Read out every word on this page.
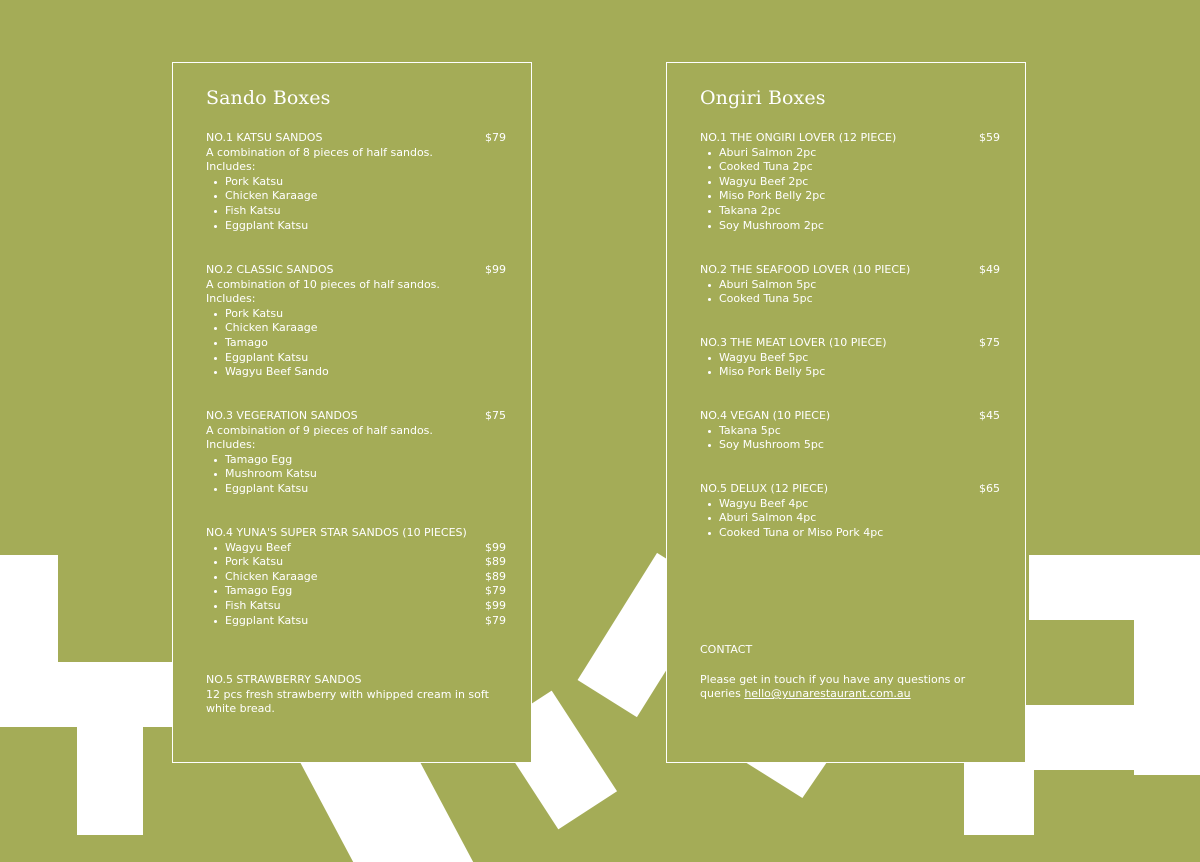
Sando Boxes
NO.1 KATSU SANDOS	$79
A combination of 8 pieces of half sandos.
Includes:
Pork Katsu
Chicken Karaage
Fish Katsu
Eggplant Katsu
NO.2 CLASSIC SANDOS	$99
A combination of 10 pieces of half sandos.
Includes:
Pork Katsu
Chicken Karaage
Tamago
Eggplant Katsu
Wagyu Beef Sando
NO.3 VEGERATION SANDOS	$75
A combination of 9 pieces of half sandos.
Includes:
Tamago Egg
Mushroom Katsu
Eggplant Katsu
NO.4 YUNA'S SUPER STAR SANDOS (10 PIECES)
Wagyu Beef	$99
Pork Katsu	$89
Chicken Karaage	$89
Tamago Egg	$79
Fish Katsu	$99
Eggplant Katsu	$79
NO.5 STRAWBERRY SANDOS
12 pcs fresh strawberry with whipped cream in soft white bread.
Ongiri Boxes
NO.1 THE ONGIRI LOVER (12 PIECE)	$59
Aburi Salmon 2pc
Cooked Tuna 2pc
Wagyu Beef 2pc
Miso Pork Belly 2pc
Takana 2pc
Soy Mushroom 2pc
NO.2 THE SEAFOOD LOVER (10 PIECE)	$49
Aburi Salmon 5pc
Cooked Tuna 5pc
NO.3 THE MEAT LOVER (10 PIECE)	$75
Wagyu Beef 5pc
Miso Pork Belly 5pc
NO.4 VEGAN (10 PIECE)	$45
Takana 5pc
Soy Mushroom 5pc
NO.5 DELUX (12 PIECE)	$65
Wagyu Beef 4pc
Aburi Salmon 4pc
Cooked Tuna or Miso Pork 4pc
CONTACT
Please get in touch if you have any questions or queries hello@yunarestaurant.com.au
